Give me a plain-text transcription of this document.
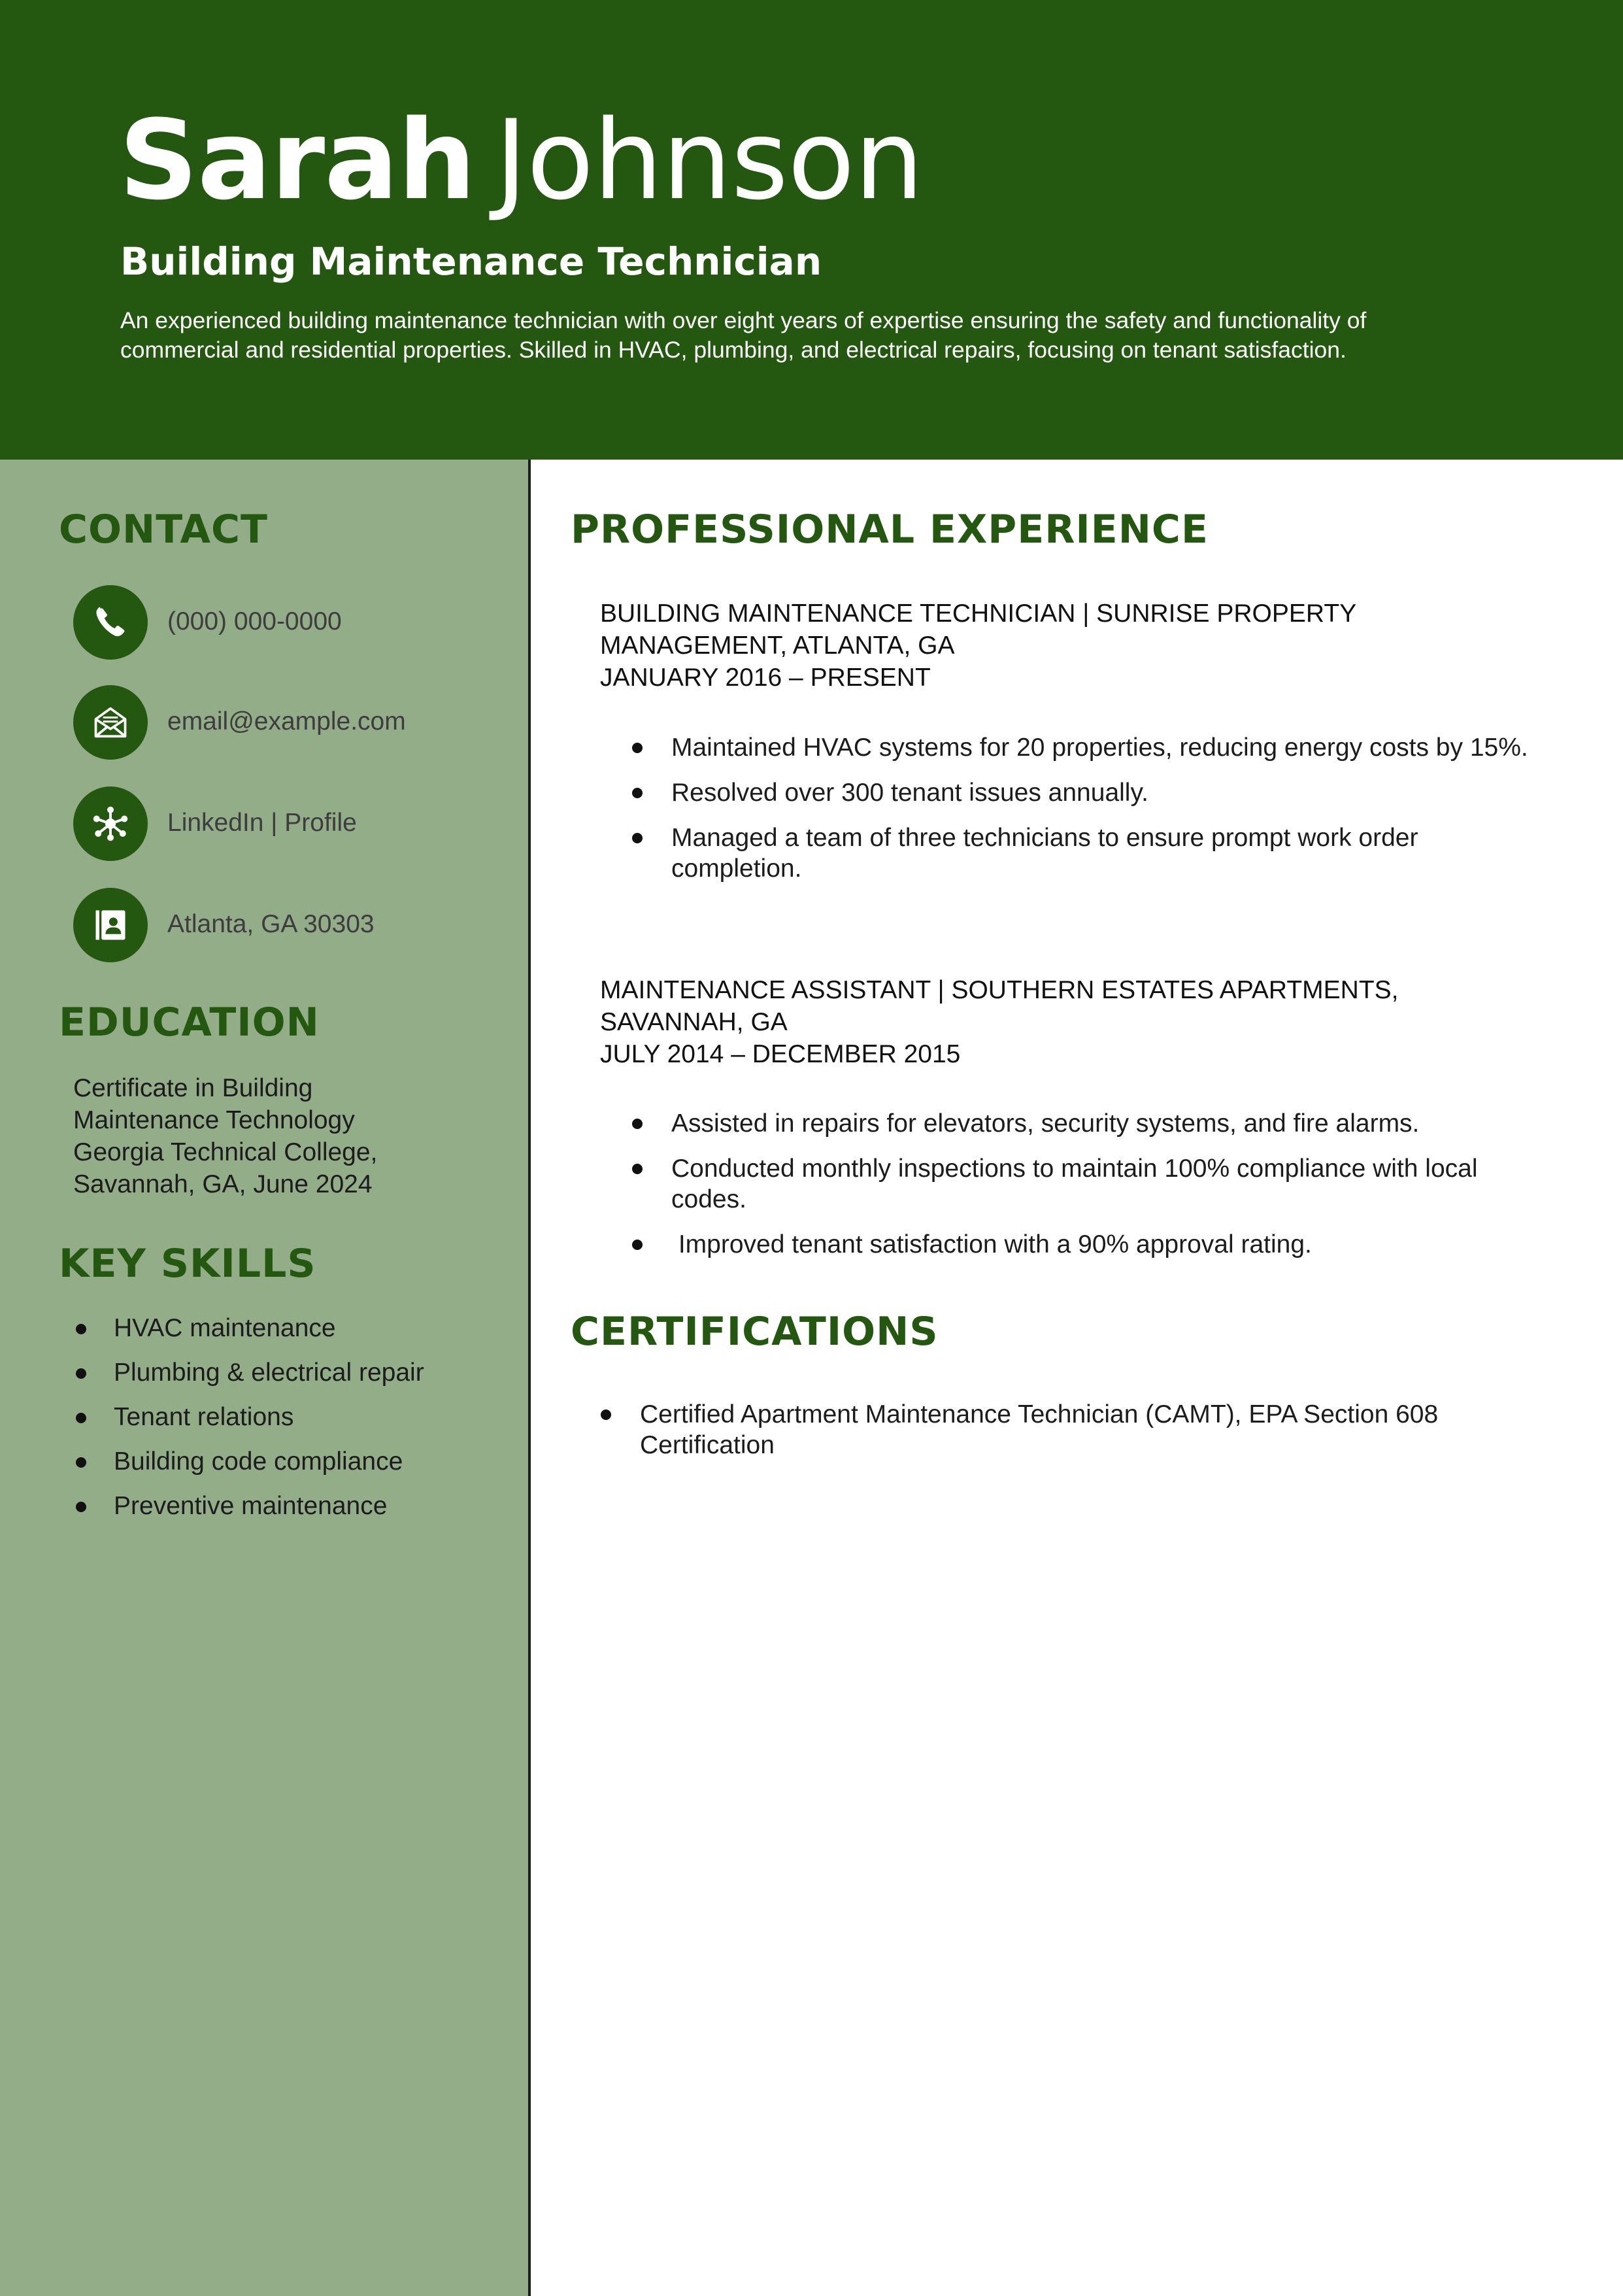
Sarah Johnson
Building Maintenance Technician
An experienced building maintenance technician with over eight years of expertise ensuring the safety and functionality of
commercial and residential properties. Skilled in HVAC, plumbing, and electrical repairs, focusing on tenant satisfaction.
CONTACT
(000) 000-0000
email@example.com
LinkedIn | Profile
Atlanta, GA 30303
EDUCATION
Certificate in Building
Maintenance Technology
Georgia Technical College,
Savannah, GA, June 2024
KEY SKILLS
HVAC maintenance
Plumbing & electrical repair
Tenant relations
Building code compliance
Preventive maintenance
PROFESSIONAL EXPERIENCE
BUILDING MAINTENANCE TECHNICIAN | SUNRISE PROPERTY
MANAGEMENT, ATLANTA, GA
JANUARY 2016 – PRESENT
Maintained HVAC systems for 20 properties, reducing energy costs by 15%.
Resolved over 300 tenant issues annually.
Managed a team of three technicians to ensure prompt work order completion.
MAINTENANCE ASSISTANT | SOUTHERN ESTATES APARTMENTS,
SAVANNAH, GA
JULY 2014 – DECEMBER 2015
Assisted in repairs for elevators, security systems, and fire alarms.
Conducted monthly inspections to maintain 100% compliance with local codes.
Improved tenant satisfaction with a 90% approval rating.
CERTIFICATIONS
Certified Apartment Maintenance Technician (CAMT), EPA Section 608 Certification
